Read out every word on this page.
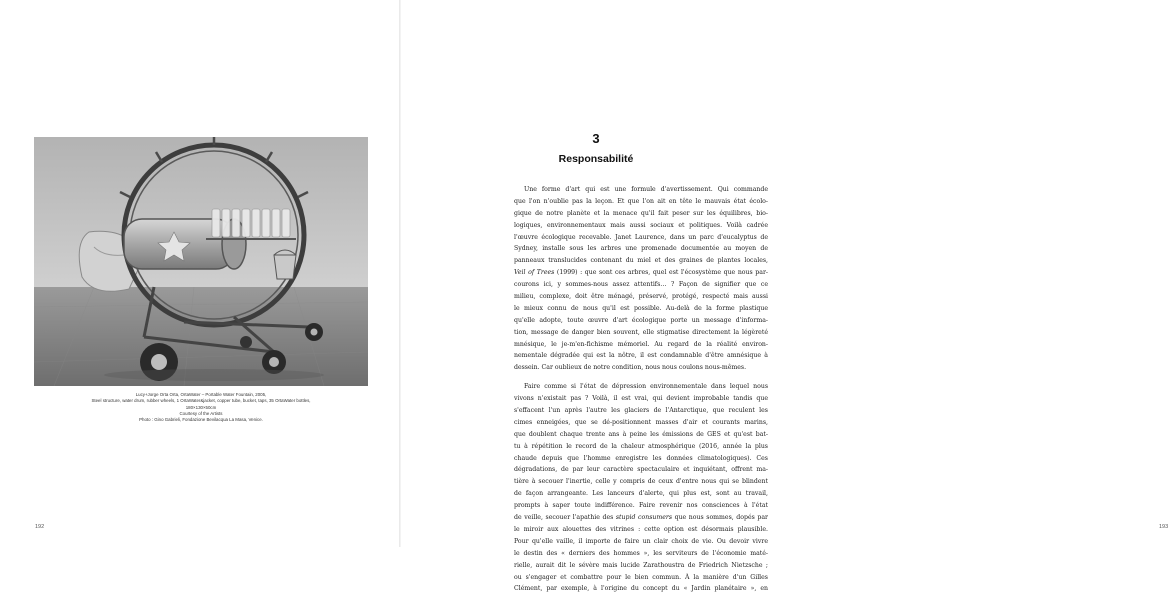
Lucy+Jorge Orta Orta, OrtaWater – Portable Water Fountain, 2005,
Steel structure, water drum, rubber wheels, 1 OrtaWater&jacket, copper tube, bucket, taps, 35 OrtaWater bottles,
180×130×50cm
Courtesy of the Artists
Photo : Gino Gabrieli, Fondazione Bevilacqua La Masa, Venice.
192	193
3
Responsabilité
Une forme d'art qui est une formule d'avertissement. Qui commande
que l'on n'oublie pas la leçon. Et que l'on ait en tête le mauvais état écolo-
gique de notre planète et la menace qu'il fait peser sur les équilibres, bio-
logiques, environnementaux mais aussi sociaux et politiques. Voilà cadrée
l'œuvre écologique recevable. Janet Laurence, dans un parc d'eucalyptus de
Sydney, installe sous les arbres une promenade documentée au moyen de
panneaux translucides contenant du miel et des graines de plantes locales,
Veil of Trees (1999) : que sont ces arbres, quel est l'écosystème que nous par-
courons ici, y sommes-nous assez attentifs… ? Façon de signifier que ce
milieu, complexe, doit être ménagé, préservé, protégé, respecté mais aussi
le mieux connu de nous qu'il est possible. Au-delà de la forme plastique
qu'elle adopte, toute œuvre d'art écologique porte un message d'informa-
tion, message de danger bien souvent, elle stigmatise directement la légèreté
mnésique, le je-m'en-fichisme mémoriel. Au regard de la réalité environ-
nementale dégradée qui est la nôtre, il est condamnable d'être amnésique à
dessein. Car oublieux de notre condition, nous nous coulons nous-mêmes.
Faire comme si l'état de dépression environnementale dans lequel nous
vivons n'existait pas ? Voilà, il est vrai, qui devient improbable tandis que
s'effacent l'un après l'autre les glaciers de l'Antarctique, que reculent les
cimes enneigées, que se dé-positionnent masses d'air et courants marins,
que doublent chaque trente ans à peine les émissions de GES et qu'est bat-
tu à répétition le record de la chaleur atmosphérique (2016, année la plus
chaude depuis que l'homme enregistre les données climatologiques). Ces
dégradations, de par leur caractère spectaculaire et inquiétant, offrent ma-
tière à secouer l'inertie, celle y compris de ceux d'entre nous qui se blindent
de façon arrangeante. Les lanceurs d'alerte, qui plus est, sont au travail,
prompts à saper toute indifférence. Faire revenir nos consciences à l'état
de veille, secouer l'apathie des stupid consumers que nous sommes, dopés par
le miroir aux alouettes des vitrines : cette option est désormais plausible.
Pour qu'elle vaille, il importe de faire un clair choix de vie. Ou devoir vivre
le destin des « derniers des hommes », les serviteurs de l'économie maté-
rielle, aurait dit le sévère mais lucide Zarathoustra de Friedrich Nietzsche ;
ou s'engager et combattre pour le bien commun. À la manière d'un Gilles
Clément, par exemple, à l'origine du concept du « Jardin planétaire », en
